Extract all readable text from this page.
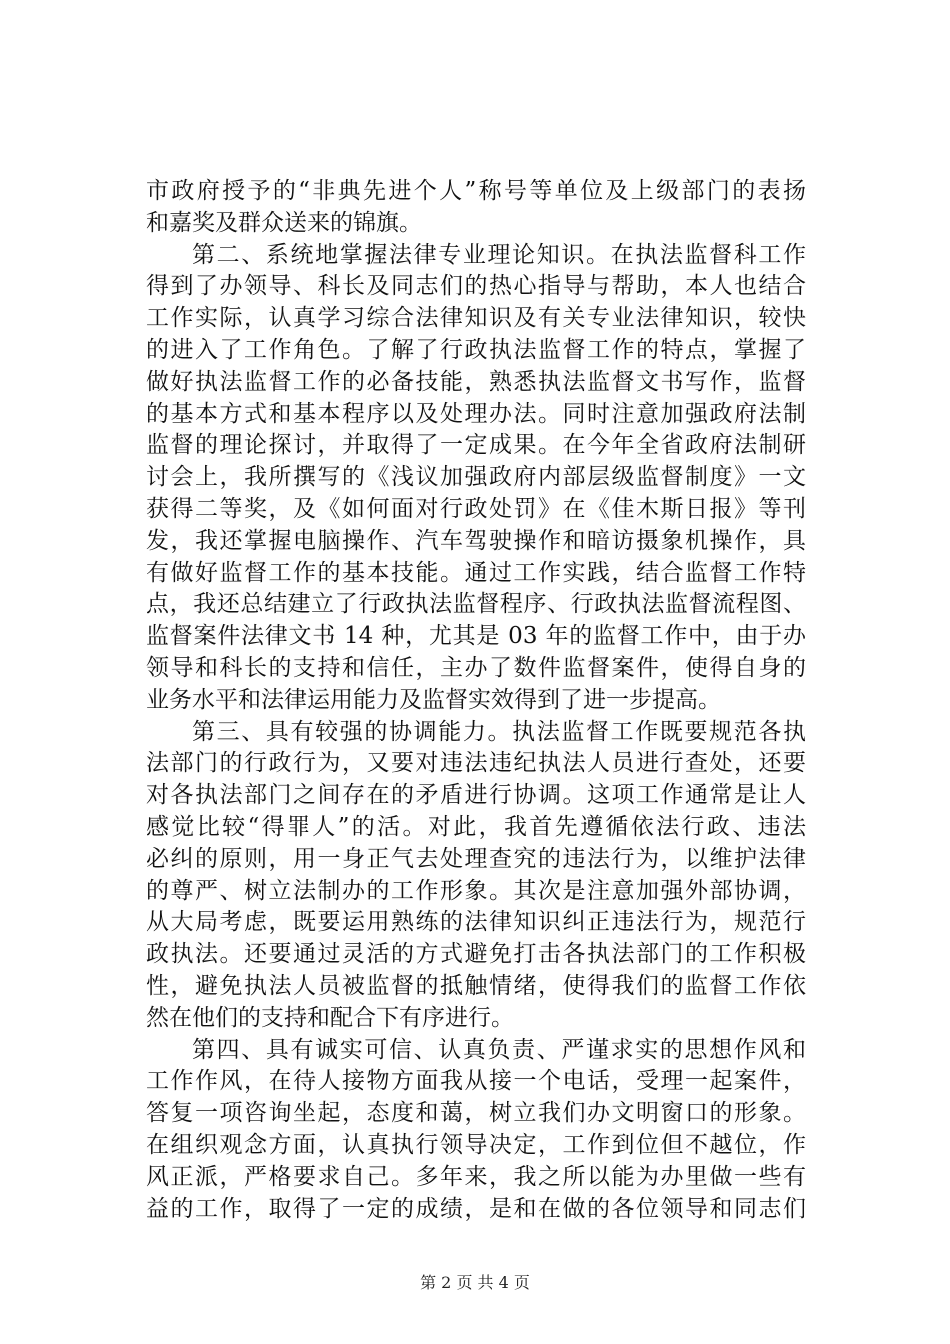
市政府授予的“非典先进个人”称号等单位及上级部门的表扬
和嘉奖及群众送来的锦旗。
第二、系统地掌握法律专业理论知识。在执法监督科工作
得到了办领导、科长及同志们的热心指导与帮助，本人也结合
工作实际，认真学习综合法律知识及有关专业法律知识，较快
的进入了工作角色。了解了行政执法监督工作的特点，掌握了
做好执法监督工作的必备技能，熟悉执法监督文书写作，监督
的基本方式和基本程序以及处理办法。同时注意加强政府法制
监督的理论探讨，并取得了一定成果。在今年全省政府法制研
讨会上，我所撰写的《浅议加强政府内部层级监督制度》一文
获得二等奖，及《如何面对行政处罚》在《佳木斯日报》等刊
发，我还掌握电脑操作、汽车驾驶操作和暗访摄象机操作，具
有做好监督工作的基本技能。通过工作实践，结合监督工作特
点，我还总结建立了行政执法监督程序、行政执法监督流程图、
监督案件法律文书 14 种，尤其是 03 年的监督工作中，由于办
领导和科长的支持和信任，主办了数件监督案件，使得自身的
业务水平和法律运用能力及监督实效得到了进一步提高。
第三、具有较强的协调能力。执法监督工作既要规范各执
法部门的行政行为，又要对违法违纪执法人员进行查处，还要
对各执法部门之间存在的矛盾进行协调。这项工作通常是让人
感觉比较“得罪人”的活。对此，我首先遵循依法行政、违法
必纠的原则，用一身正气去处理查究的违法行为，以维护法律
的尊严、树立法制办的工作形象。其次是注意加强外部协调，
从大局考虑，既要运用熟练的法律知识纠正违法行为，规范行
政执法。还要通过灵活的方式避免打击各执法部门的工作积极
性，避免执法人员被监督的抵触情绪，使得我们的监督工作依
然在他们的支持和配合下有序进行。
第四、具有诚实可信、认真负责、严谨求实的思想作风和
工作作风，在待人接物方面我从接一个电话，受理一起案件，
答复一项咨询坐起，态度和蔼，树立我们办文明窗口的形象。
在组织观念方面，认真执行领导决定，工作到位但不越位，作
风正派，严格要求自己。多年来，我之所以能为办里做一些有
益的工作，取得了一定的成绩，是和在做的各位领导和同志们
第 2 页 共 4 页
